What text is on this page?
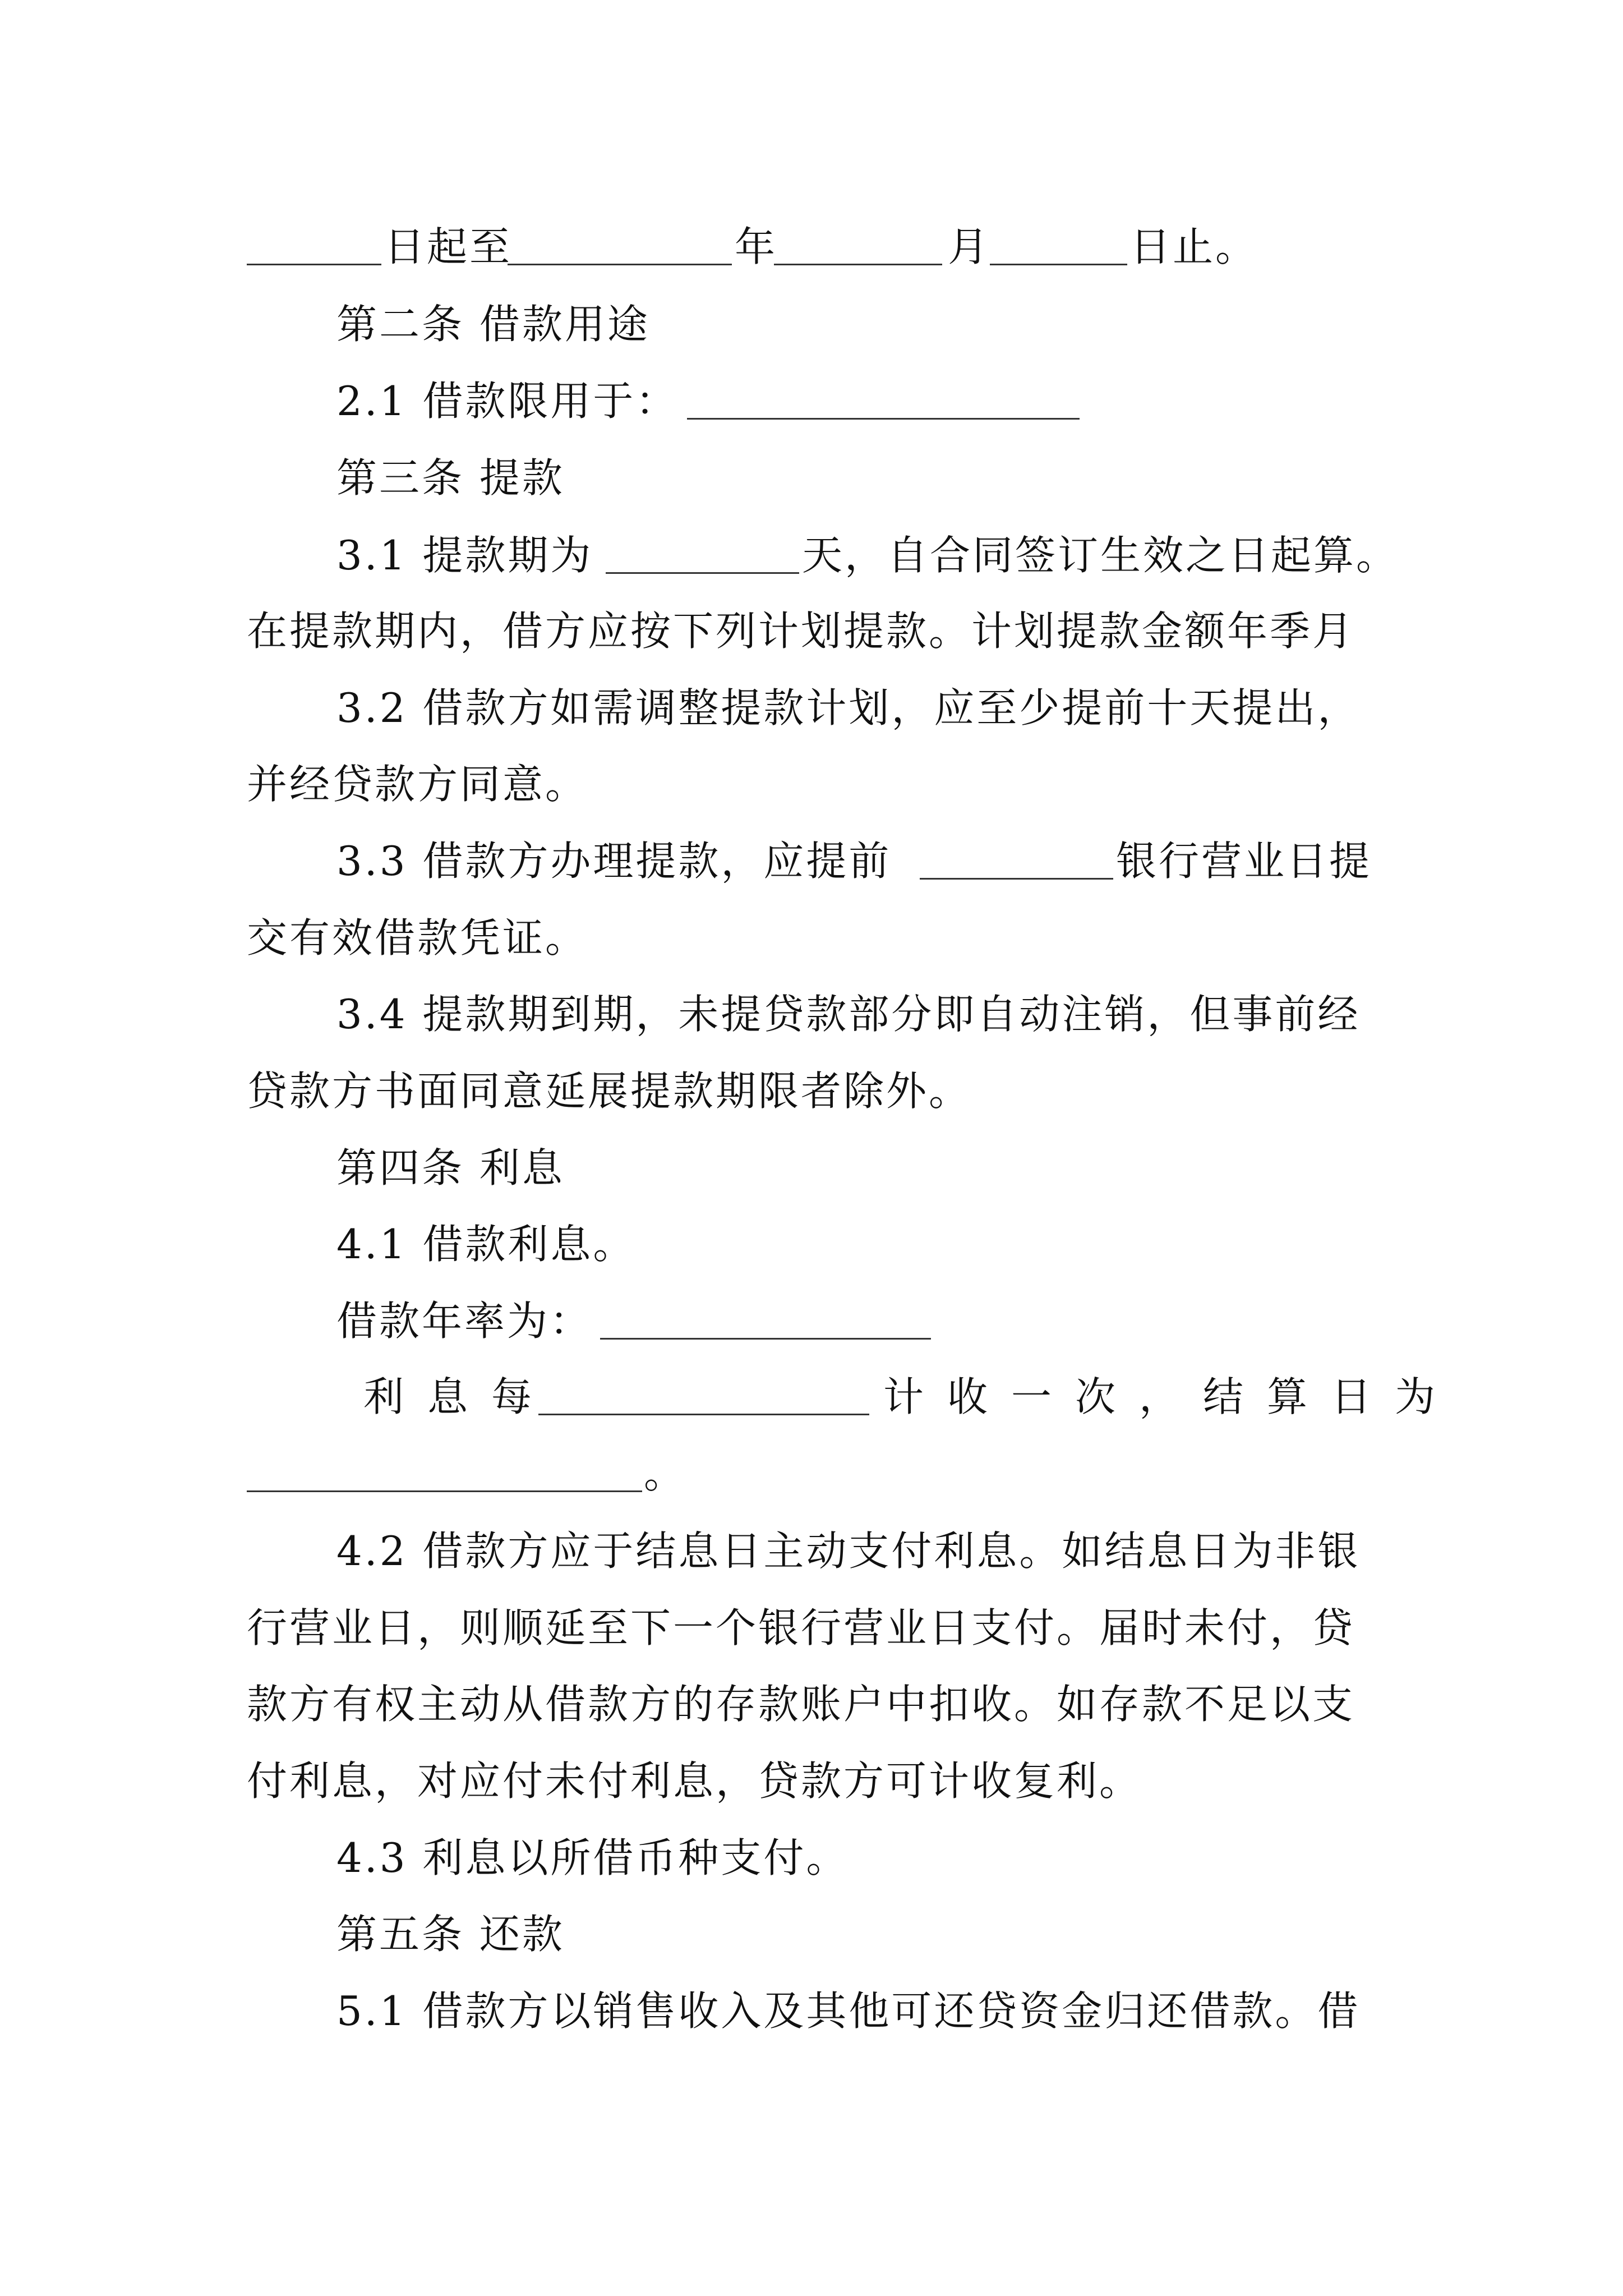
日起至	年	月	日止。
第二条 借款用途
2.1 借款限用于：
第三条 提款
3.1 提款期为	天，自合同签订生效之日起算。
在提款期内，借方应按下列计划提款。计划提款金额年季月
3.2 借款方如需调整提款计划，应至少提前十天提出，
并经贷款方同意。
3.3 借款方办理提款，应提前	银行营业日提
交有效借款凭证。
3.4 提款期到期，未提贷款部分即自动注销，但事前经
贷款方书面同意延展提款期限者除外。
第四条 利息
4.1 借款利息。
借款年率为：
利息每	计收一次，结算日为
。
4.2 借款方应于结息日主动支付利息。如结息日为非银
行营业日，则顺延至下一个银行营业日支付。届时未付，贷
款方有权主动从借款方的存款账户中扣收。如存款不足以支
付利息，对应付未付利息，贷款方可计收复利。
4.3 利息以所借币种支付。
第五条 还款
5.1 借款方以销售收入及其他可还贷资金归还借款。借
